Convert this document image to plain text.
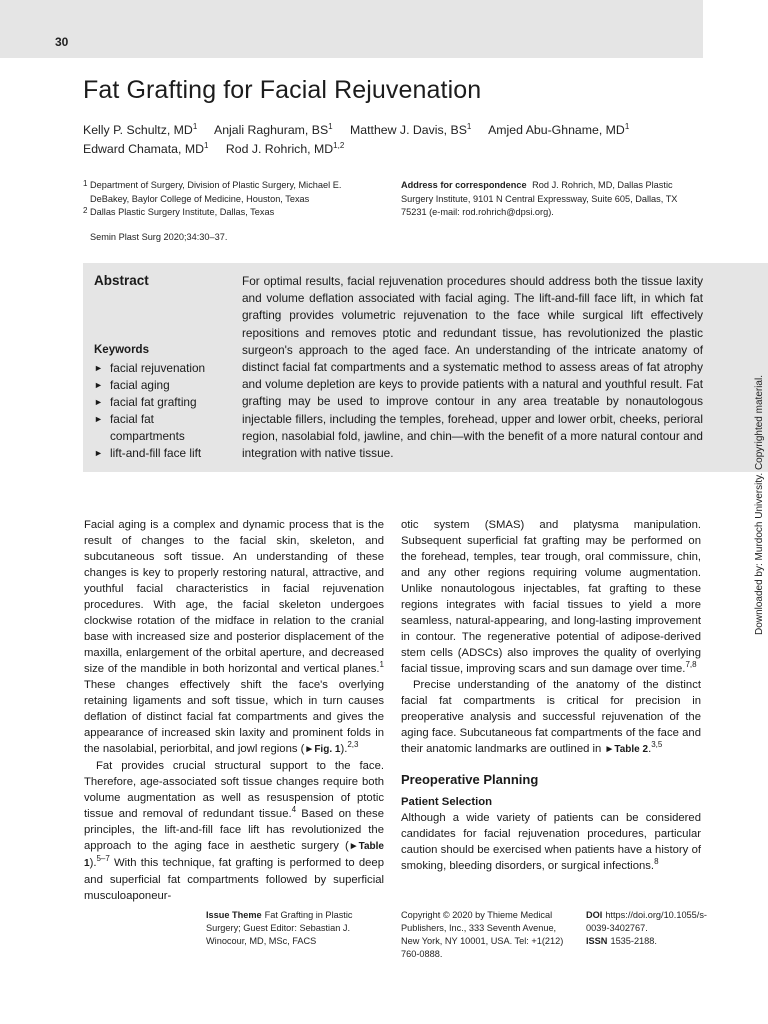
30
Fat Grafting for Facial Rejuvenation
Kelly P. Schultz, $MD^1$ Anjali Raghuram, $BS^1$ Matthew J. Davis, $BS^1$ Amjed Abu-Ghname, $MD^1$
Edward Chamata, $MD^1$ Rod J. Rohrich, MD$^{1,2}$
1 Department of Surgery, Division of Plastic Surgery, Michael E. DeBakey, Baylor College of Medicine, Houston, Texas
2 Dallas Plastic Surgery Institute, Dallas, Texas
Address for correspondence Rod J. Rohrich, MD, Dallas Plastic Surgery Institute, 9101 N Central Expressway, Suite 605, Dallas, TX 75231 (e-mail: rod.rohrich@dpsi.org).
Semin Plast Surg 2020;34:30–37.
Abstract
Keywords
► facial rejuvenation
► facial aging
► facial fat grafting
► facial fat compartments
► lift-and-fill face lift

For optimal results, facial rejuvenation procedures should address both the tissue laxity and volume deflation associated with facial aging. The lift-and-fill face lift, in which fat grafting provides volumetric rejuvenation to the face while surgical lift effectively repositions and removes ptotic and redundant tissue, has revolutionized the plastic surgeon's approach to the aged face. An understanding of the intricate anatomy of distinct facial fat compartments and a systematic method to assess areas of fat atrophy and volume depletion are keys to provide patients with a natural and youthful result. Fat grafting may be used to improve contour in any area treatable by nonautologous injectable fillers, including the temples, forehead, upper and lower orbit, cheeks, perioral region, nasolabial fold, jawline, and chin—with the benefit of a more natural contour and integration with native tissue.	Downloaded by: Murdoch University. Copyrighted material.

Facial aging is a complex and dynamic process that is the result of changes to the facial skin, skeleton, and subcutaneous soft tissue. An understanding of these changes is key to properly restoring natural, attractive, and youthful facial characteristics in facial rejuvenation procedures. With age, the facial skeleton undergoes clockwise rotation of the midface in relation to the cranial base with increased size and posterior displacement of the maxilla, enlargement of the orbital aperture, and decreased size of the mandible in both horizontal and vertical planes.$^1$ These changes effectively shift the face's overlying retaining ligaments and soft tissue, which in turn causes deflation of distinct facial fat compartments and gives the appearance of increased skin laxity and prominent folds in the nasolabial, periorbital, and jowl regions (►Fig. 1).$^{2,3}$

Fat provides crucial structural support to the face. Therefore, age-associated soft tissue changes require both volume augmentation as well as resuspension of ptotic tissue and removal of redundant tissue.$^4$ Based on these principles, the lift-and-fill face lift has revolutionized the approach to the aging face in aesthetic surgery (►Table 1).$^{5-7}$ With this technique, fat grafting is performed to deep and superficial fat compartments followed by superficial musculoaponeur-

otic system (SMAS) and platysma manipulation. Subsequent superficial fat grafting may be performed on the forehead, temples, tear trough, oral commissure, chin, and any other regions requiring volume augmentation. Unlike nonautologous injectables, fat grafting to these regions integrates with facial tissues to yield a more seamless, natural-appearing, and long-lasting improvement in contour. The regenerative potential of adipose-derived stem cells (ADSCs) also improves the quality of overlying facial tissue, improving scars and sun damage over time.$^{7,8}$

Precise understanding of the anatomy of the distinct facial fat compartments is critical for precision in preoperative analysis and successful rejuvenation of the aging face. Subcutaneous fat compartments of the face and their anatomic landmarks are outlined in ►Table 2.$^{3,5}$

Preoperative Planning
Patient Selection

Although a wide variety of patients can be considered candidates for facial rejuvenation procedures, particular caution should be exercised when patients have a history of smoking, bleeding disorders, or surgical infections.$^8$

Issue Theme Fat Grafting in Plastic Surgery; Guest Editor: Sebastian J. Winocour, MD, MSc, FACS
Copyright © 2020 by Thieme Medical Publishers, Inc., 333 Seventh Avenue, New York, NY 10001, USA. Tel: +1(212) 760-0888.
DOI https://doi.org/10.1055/s-0039-3402767.
ISSN 1535-2188.
